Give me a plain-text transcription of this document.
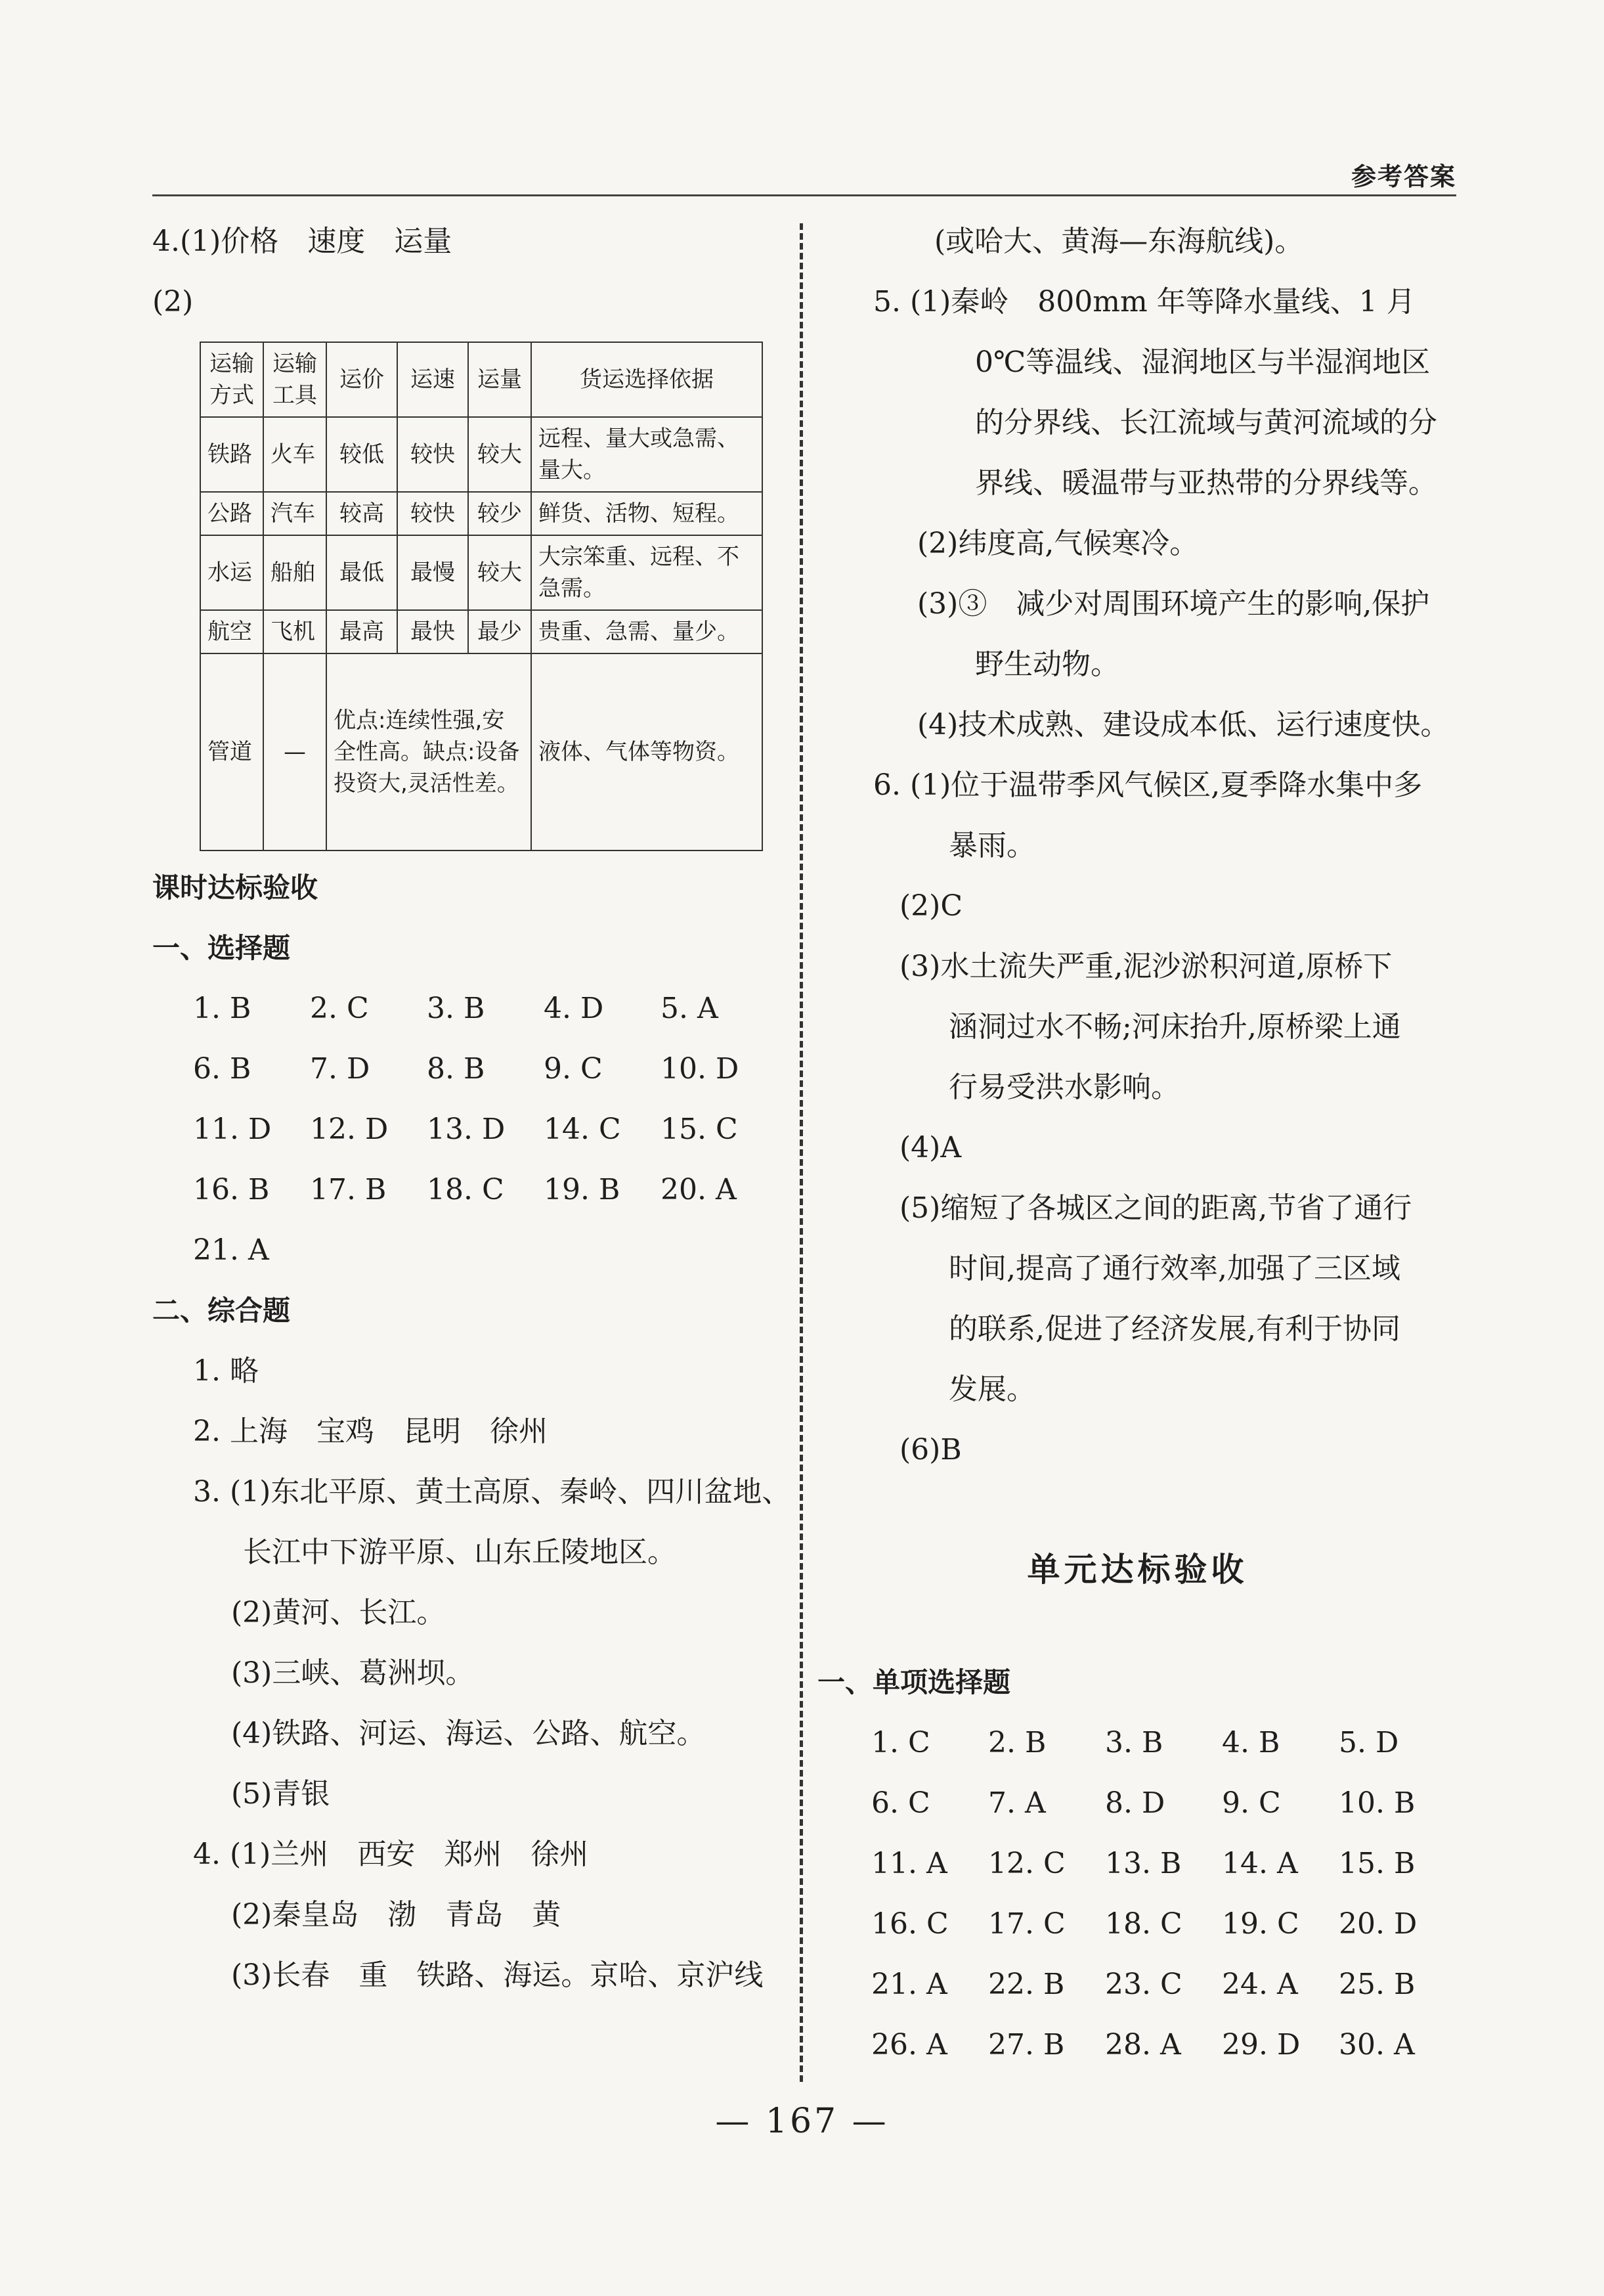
参考答案
4.(1)价格　速度　运量
(2)
运输方式	运输工具	运价	运速	运量	货运选择依据
铁路	火车	较低	较快	较大	远程、量大或急需、量大。
公路	汽车	较高	较快	较少	鲜货、活物、短程。
水运	船舶	最低	最慢	较大	大宗笨重、远程、不急需。
航空	飞机	最高	最快	最少	贵重、急需、量少。
管道	—	优点:连续性强,安全性高。缺点:设备投资大,灵活性差。			液体、气体等物资。
课时达标验收
一、选择题
1. B	2. C	3. B	4. D	5. A
6. B	7. D	8. B	9. C	10. D
11. D	12. D	13. D	14. C	15. C
16. B	17. B	18. C	19. B	20. A
21. A
二、综合题
1. 略
2. 上海　宝鸡　昆明　徐州
3. (1)东北平原、黄土高原、秦岭、四川盆地、
长江中下游平原、山东丘陵地区。
(2)黄河、长江。
(3)三峡、葛洲坝。
(4)铁路、河运、海运、公路、航空。
(5)青银
4. (1)兰州　西安　郑州　徐州
(2)秦皇岛　渤　青岛　黄
(3)长春　重　铁路、海运。京哈、京沪线
(或哈大、黄海—东海航线)。
5. (1)秦岭　800mm 年等降水量线、1 月
0℃等温线、湿润地区与半湿润地区
的分界线、长江流域与黄河流域的分
界线、暖温带与亚热带的分界线等。
(2)纬度高,气候寒冷。
(3)③　减少对周围环境产生的影响,保护
野生动物。
(4)技术成熟、建设成本低、运行速度快。
6. (1)位于温带季风气候区,夏季降水集中多
暴雨。
(2)C
(3)水土流失严重,泥沙淤积河道,原桥下
涵洞过水不畅;河床抬升,原桥梁上通
行易受洪水影响。
(4)A
(5)缩短了各城区之间的距离,节省了通行
时间,提高了通行效率,加强了三区域
的联系,促进了经济发展,有利于协同
发展。
(6)B
单元达标验收
一、单项选择题
1. C	2. B	3. B	4. B	5. D
6. C	7. A	8. D	9. C	10. B
11. A	12. C	13. B	14. A	15. B
16. C	17. C	18. C	19. C	20. D
21. A	22. B	23. C	24. A	25. B
26. A	27. B	28. A	29. D	30. A
— 167 —
